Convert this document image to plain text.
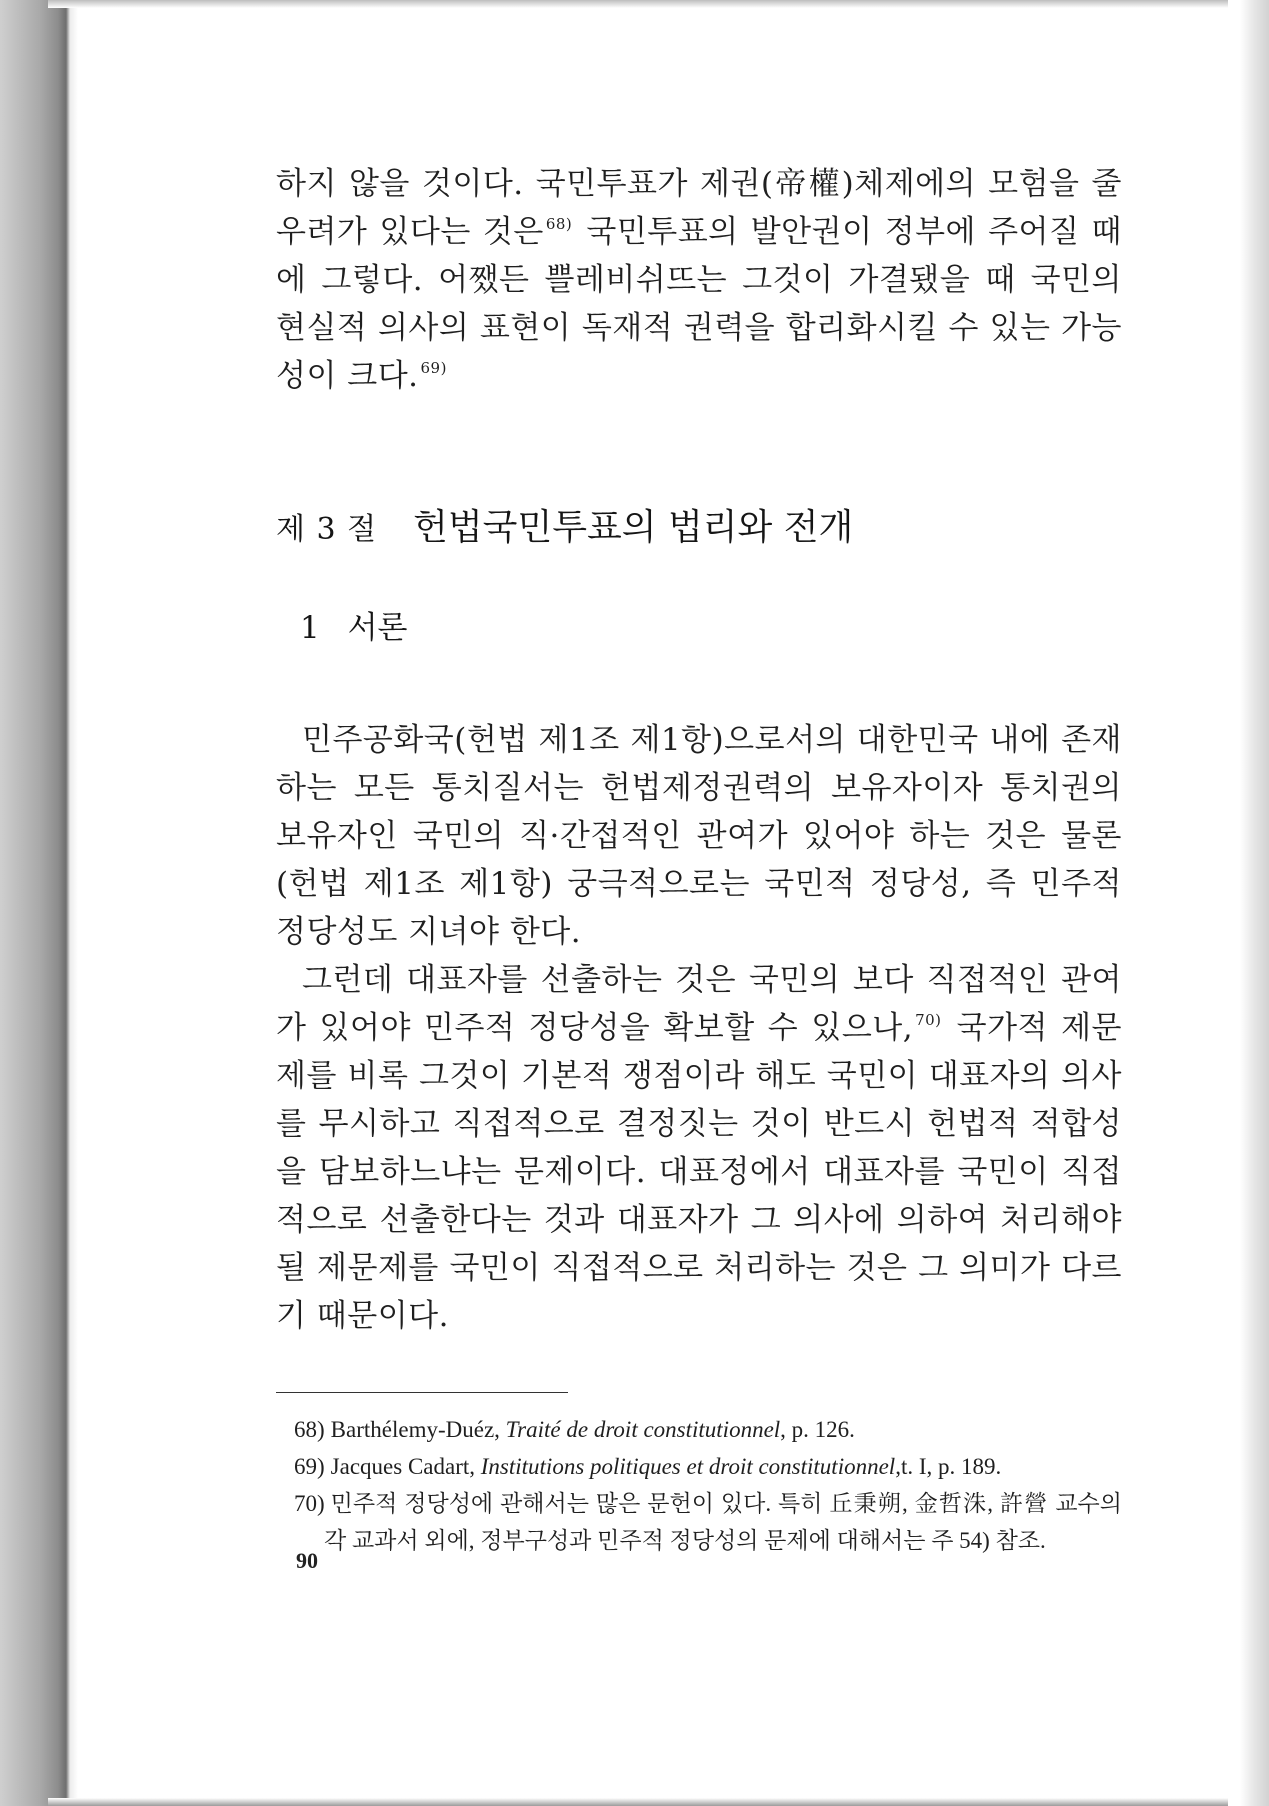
하지 않을 것이다. 국민투표가 제권(帝權)체제에의 모험을 줄 우려가 있다는 것은 $^{68)}$ 국민투표의 발안권이 정부에 주어질 때에 그렇다. 어쨌든 쁠레비쉬뜨는 그것이 가결됐을 때 국민의 현실적 의사의 표현이 독재적 권력을 합리화시킬 수 있는 가능성이 크다. $^{69)}$

제 3 절 헌법국민투표의 법리와 전개
1 서론

민주공화국(헌법 제1조 제1항)으로서의 대한민국 내에 존재하는 모든 통치질서는 헌법제정권력의 보유자이자 통치권의 보유자인 국민의 직·간접적인 관여가 있어야 하는 것은 물론(헌법 제1조 제1항) 궁극적으로는 국민적 정당성, 즉 민주적 정당성도 지녀야 한다.

그런데 대표자를 선출하는 것은 국민의 보다 직접적인 관여가 있어야 민주적 정당성을 확보할 수 있으나, $^{70)}$ 국가적 제문제를 비록 그것이 기본적 쟁점이라 해도 국민이 대표자의 의사를 무시하고 직접적으로 결정짓는 것이 반드시 헌법적 적합성을 담보하느냐는 문제이다. 대표정에서 대표자를 국민이 직접적으로 선출한다는 것과 대표자가 그 의사에 의하여 처리해야 될 제문제를 국민이 직접적으로 처리하는 것은 그 의미가 다르기 때문이다.

68) Barthélemy-Duéz, Traité de droit constitutionnel, p. 126.

69) Jacques Cadart, Institutions politiques et droit constitutionnel,t. I, p. 189.

70) 민주적 정당성에 관해서는 많은 문헌이 있다. 특히 丘秉朔, 金哲洙, 許營 교수의 각 교과서 외에, 정부구성과 민주적 정당성의 문제에 대해서는 주 54) 참조.

90
